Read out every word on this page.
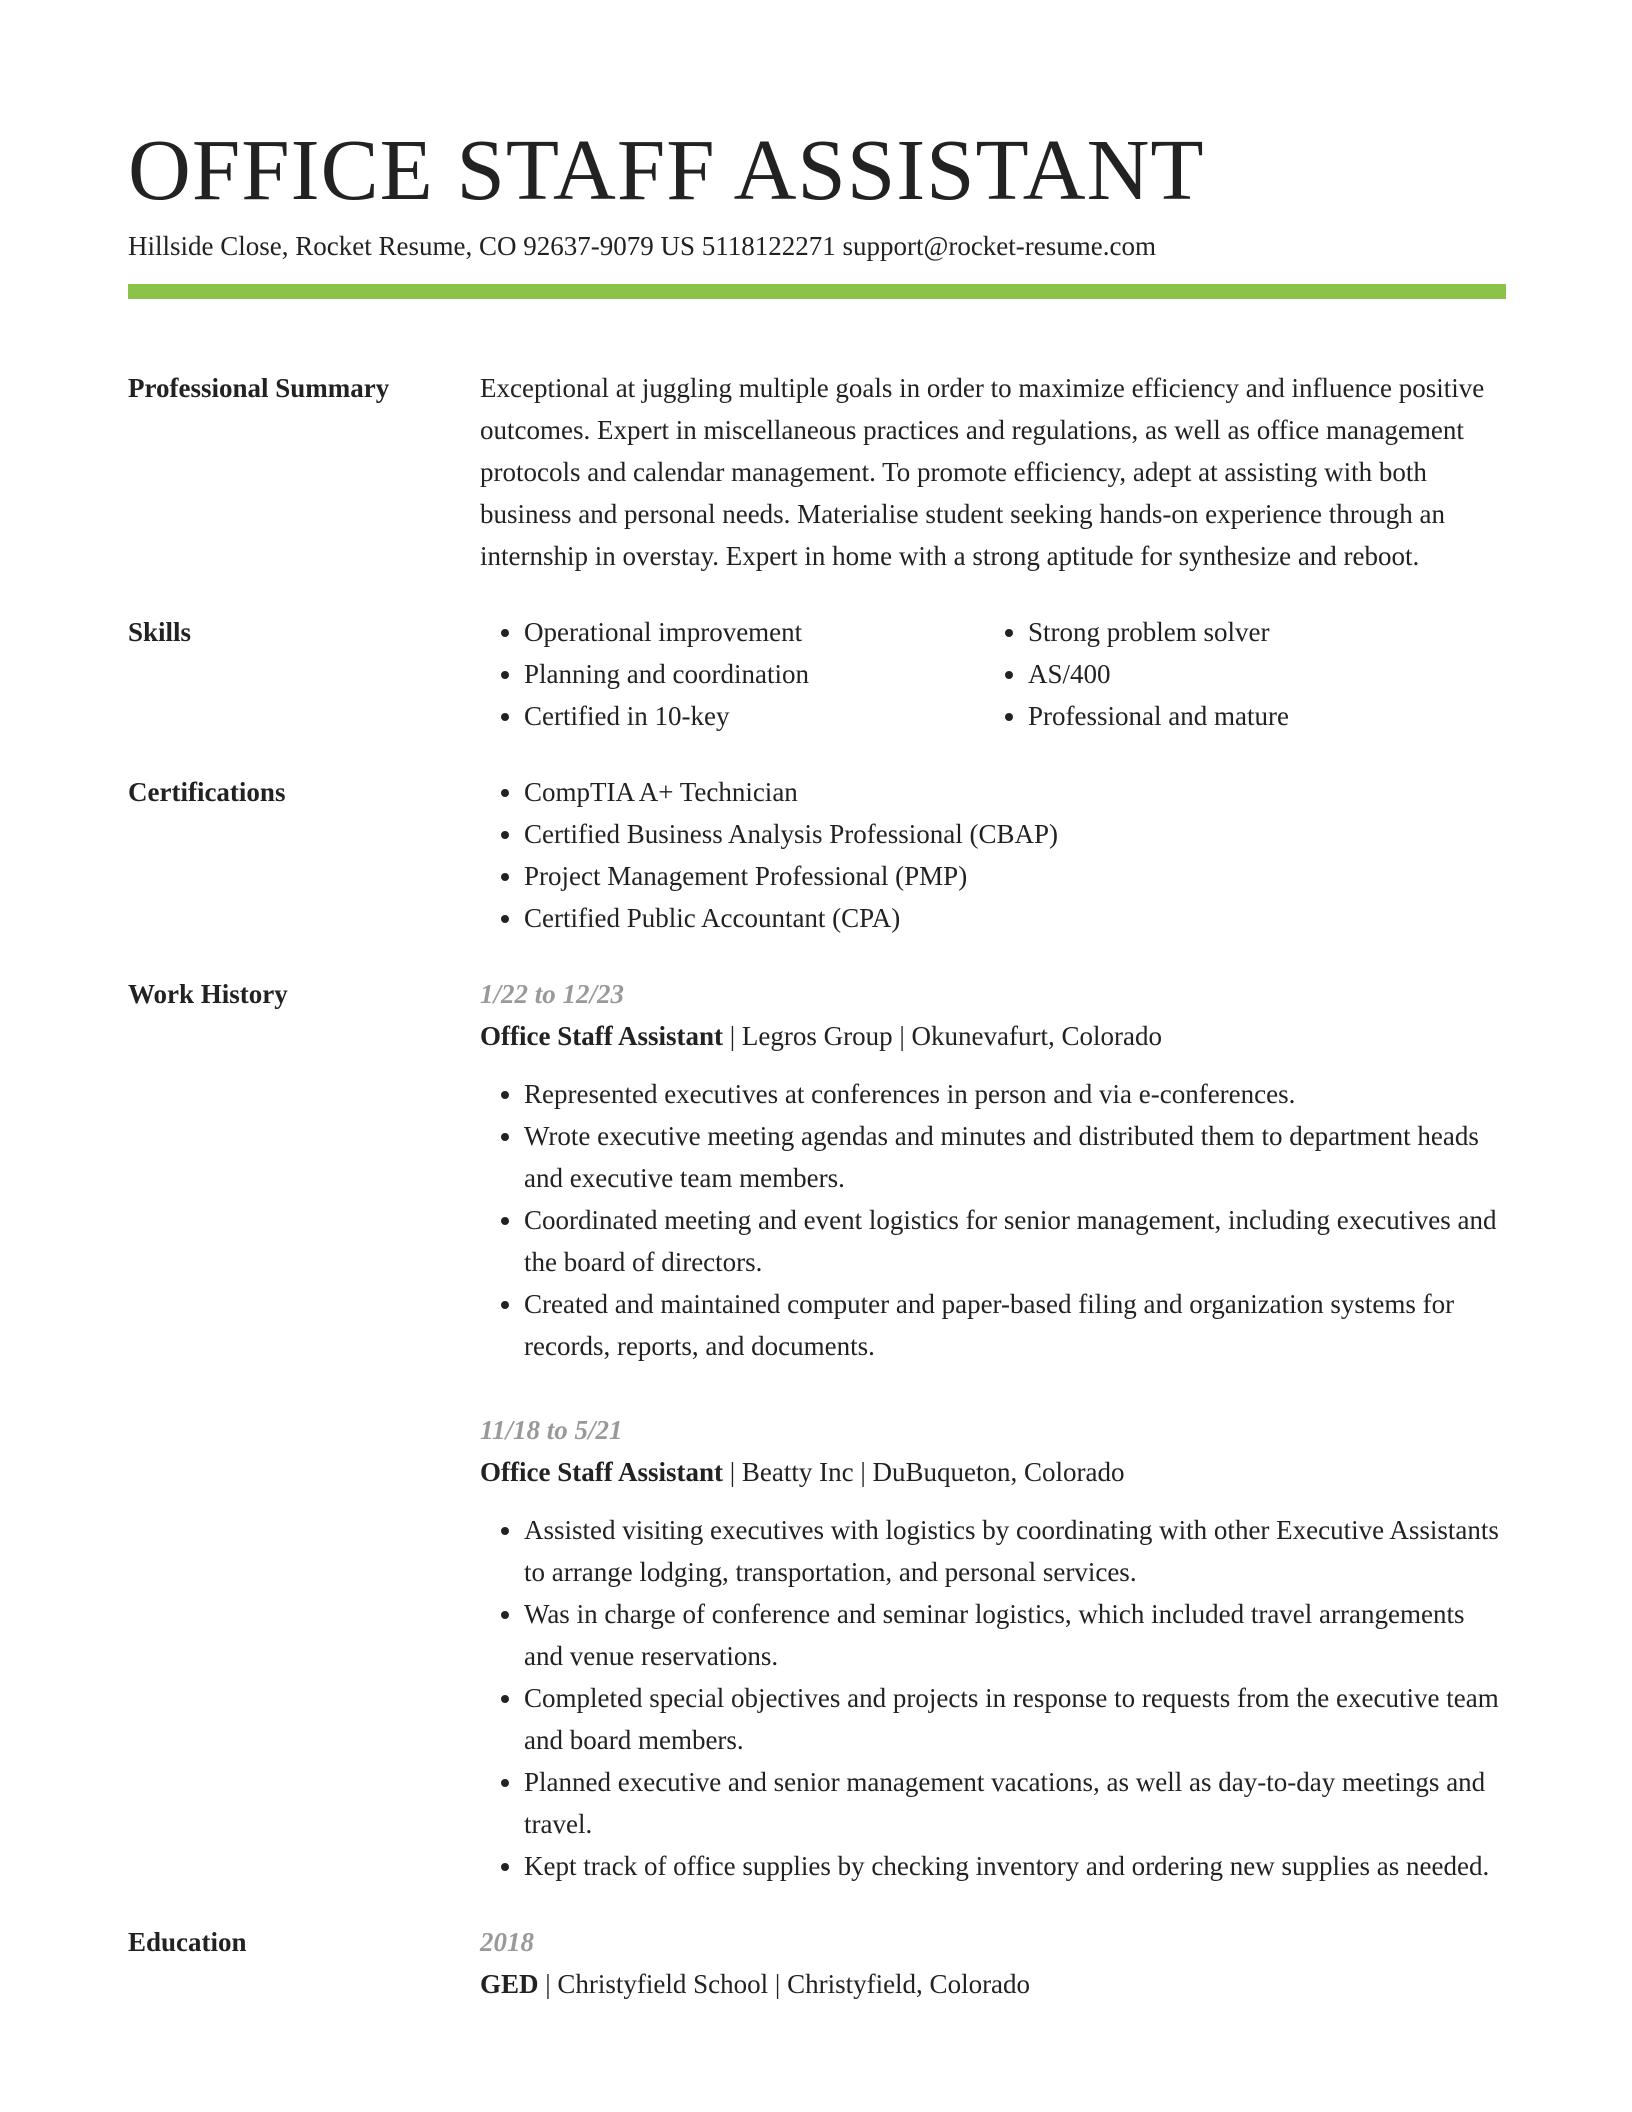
OFFICE STAFF ASSISTANT
Hillside Close, Rocket Resume, CO 92637-9079 US 5118122271 support@rocket-resume.com
Professional Summary	Exceptional at juggling multiple goals in order to maximize efficiency and influence positive outcomes. Expert in miscellaneous practices and regulations, as well as office management protocols and calendar management. To promote efficiency, adept at assisting with both business and personal needs. Materialise student seeking hands-on experience through an internship in overstay. Expert in home with a strong aptitude for synthesize and reboot.
Skills	• Operational improvement
• Planning and coordination
• Certified in 10-key
• Strong problem solver
• AS/400
• Professional and mature
Certifications	• CompTIA A+ Technician
• Certified Business Analysis Professional (CBAP)
• Project Management Professional (PMP)
• Certified Public Accountant (CPA)
Work History	1/22 to 12/23
Office Staff Assistant | Legros Group | Okunevafurt, Colorado
• Represented executives at conferences in person and via e-conferences.
• Wrote executive meeting agendas and minutes and distributed them to department heads and executive team members.
• Coordinated meeting and event logistics for senior management, including executives and the board of directors.
• Created and maintained computer and paper-based filing and organization systems for records, reports, and documents.
11/18 to 5/21
Office Staff Assistant | Beatty Inc | DuBuqueton, Colorado
• Assisted visiting executives with logistics by coordinating with other Executive Assistants to arrange lodging, transportation, and personal services.
• Was in charge of conference and seminar logistics, which included travel arrangements and venue reservations.
• Completed special objectives and projects in response to requests from the executive team and board members.
• Planned executive and senior management vacations, as well as day-to-day meetings and travel.
• Kept track of office supplies by checking inventory and ordering new supplies as needed.
Education	2018
GED | Christyfield School | Christyfield, Colorado
